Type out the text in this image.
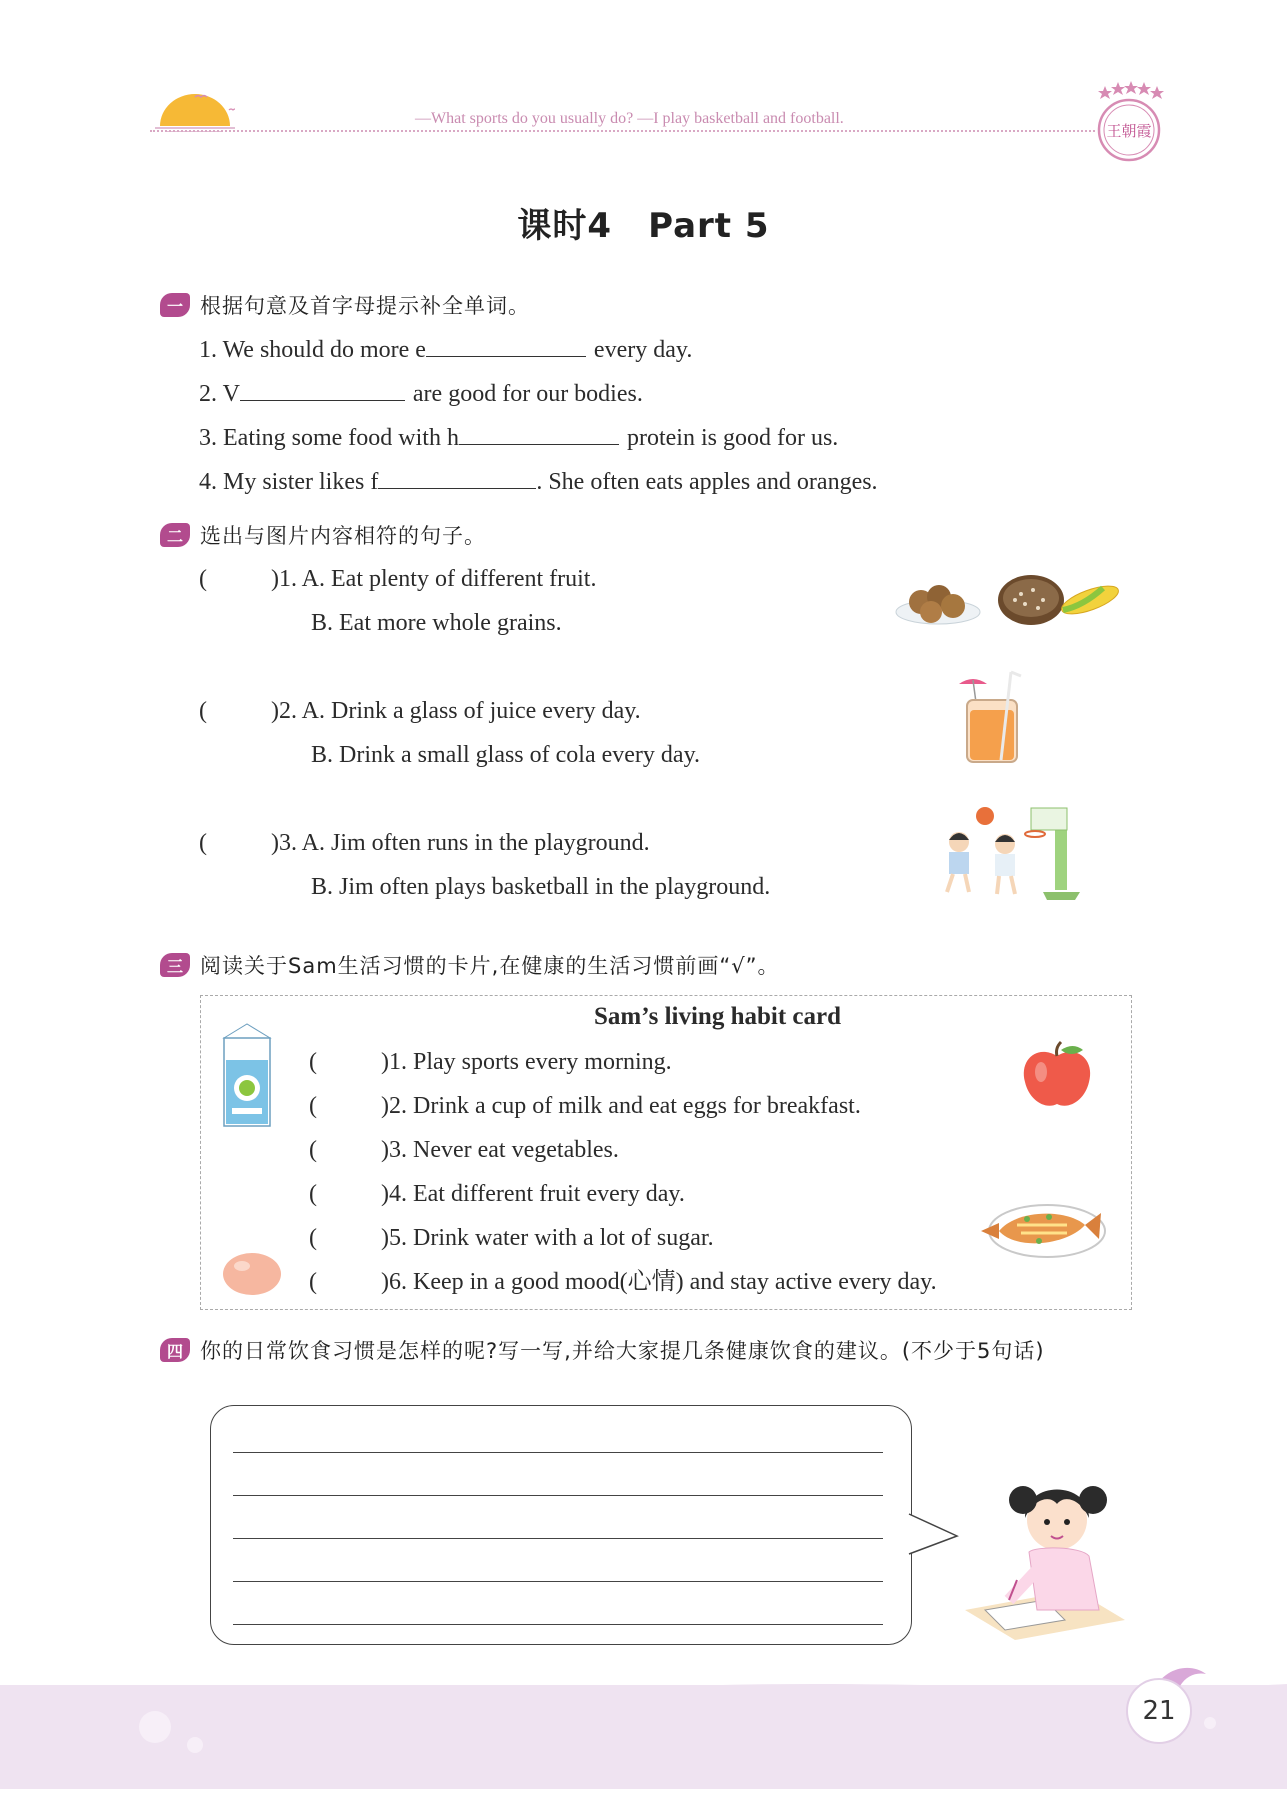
—What sports do you usually do? —I play basketball and football.
王朝霞
课时4 Part 5
一 根据句意及首字母提示补全单词。
1. We should do more e	every day.
2. V	are good for our bodies.
3. Eating some food with h	protein is good for us.
4. My sister likes f	. She often eats apples and oranges.
二 选出与图片内容相符的句子。
(	)1. A. Eat plenty of different fruit.
B. Eat more whole grains.
(	)2. A. Drink a glass of juice every day.
B. Drink a small glass of cola every day.
(	)3. A. Jim often runs in the playground.
B. Jim often plays basketball in the playground.
三 阅读关于Sam生活习惯的卡片,在健康的生活习惯前画“√”。
Sam’s living habit card
(	)1. Play sports every morning.
(	)2. Drink a cup of milk and eat eggs for breakfast.
(	)3. Never eat vegetables.
(	)4. Eat different fruit every day.
(	)5. Drink water with a lot of sugar.
(	)6. Keep in a good mood(心情) and stay active every day.
四 你的日常饮食习惯是怎样的呢?写一写,并给大家提几条健康饮食的建议。(不少于5句话)
21
